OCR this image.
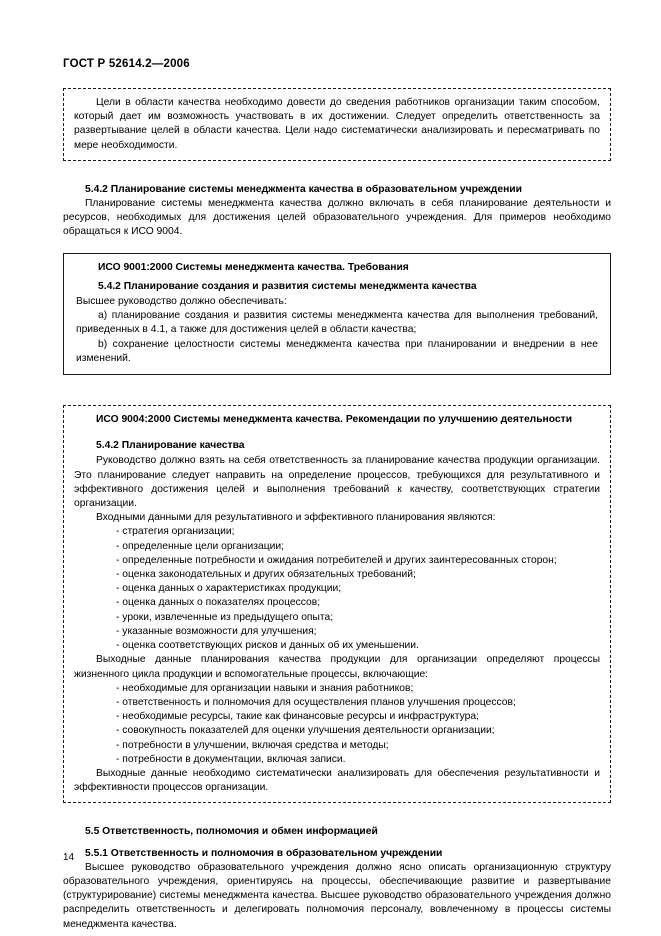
ГОСТ Р 52614.2—2006

Цели в области качества необходимо довести до сведения работников организации таким способом, который дает им возможность участвовать в их достижении. Следует определить ответственность за развертывание целей в области качества. Цели надо систематически анализировать и пересматривать по мере необходимости.

5.4.2 Планирование системы менеджмента качества в образовательном учреждении

Планирование системы менеджмента качества должно включать в себя планирование деятельности и ресурсов, необходимых для достижения целей образовательного учреждения. Для примеров необходимо обращаться к ИСО 9004.

ИСО 9001:2000 Системы менеджмента качества. Требования

5.4.2 Планирование создания и развития системы менеджмента качества

Высшее руководство должно обеспечивать:

а) планирование создания и развития системы менеджмента качества для выполнения требований, приведенных в 4.1, а также для достижения целей в области качества;

b) сохранение целостности системы менеджмента качества при планировании и внедрении в нее изменений.

ИСО 9004:2000 Системы менеджмента качества. Рекомендации по улучшению деятельности

5.4.2 Планирование качества

Руководство должно взять на себя ответственность за планирование качества продукции организации. Это планирование следует направить на определение процессов, требующихся для результативного и эффективного достижения целей и выполнения требований к качеству, соответствующих стратегии организации.

Входными данными для результативного и эффективного планирования являются:

- стратегия организации;

- определенные цели организации;

- определенные потребности и ожидания потребителей и других заинтересованных сторон;

- оценка законодательных и других обязательных требований;

- оценка данных о характеристиках продукции;

- оценка данных о показателях процессов;

- уроки, извлеченные из предыдущего опыта;

- указанные возможности для улучшения;

- оценка соответствующих рисков и данных об их уменьшении.

Выходные данные планирования качества продукции для организации определяют процессы жизненного цикла продукции и вспомогательные процессы, включающие:

- необходимые для организации навыки и знания работников;

- ответственность и полномочия для осуществления планов улучшения процессов;

- необходимые ресурсы, такие как финансовые ресурсы и инфраструктура;

- совокупность показателей для оценки улучшения деятельности организации;

- потребности в улучшении, включая средства и методы;

- потребности в документации, включая записи.

Выходные данные необходимо систематически анализировать для обеспечения результативности и эффективности процессов организации.

5.5 Ответственность, полномочия и обмен информацией
5.5.1 Ответственность и полномочия в образовательном учреждении

Высшее руководство образовательного учреждения должно ясно описать организационную структуру образовательного учреждения, ориентируясь на процессы, обеспечивающие развитие и развертывание (структурирование) системы менеджмента качества. Высшее руководство образовательного учреждения должно распределить ответственность и делегировать полномочия персоналу, вовлеченному в процессы системы менеджмента качества.

14
